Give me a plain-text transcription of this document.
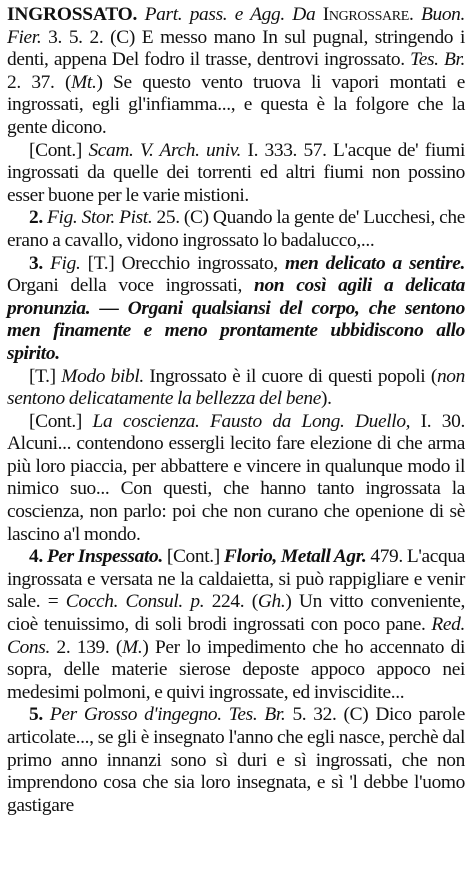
INGROSSATO. Part. pass. e Agg. Da Ingrossare. Buon. Fier. 3. 5. 2. (C) E messo mano In sul pugnal, stringendo i denti, appena Del fodro il trasse, dentrovi ingrossato. Tes. Br. 2. 37. (Mt.) Se questo vento truova li vapori montati e ingrossati, egli gl'infiamma..., e questa è la folgore che la gente dicono.

[Cont.] Scam. V. Arch. univ. I. 333. 57. L'acque de' fiumi ingrossati da quelle dei torrenti ed altri fiumi non possino esser buone per le varie mistioni.

2. Fig. Stor. Pist. 25. (C) Quando la gente de' Lucchesi, che erano a cavallo, vidono ingrossato lo badalucco,...

3. Fig. [T.] Orecchio ingrossato, men delicato a sentire. Organi della voce ingrossati, non così agili a delicata pronunzia. — Organi qualsiansi del corpo, che sentono men finamente e meno prontamente ubbidiscono allo spirito.

[T.] Modo bibl. Ingrossato è il cuore di questi popoli (non sentono delicatamente la bellezza del bene).

[Cont.] La coscienza. Fausto da Long. Duello, I. 30. Alcuni... contendono essergli lecito fare elezione di che arma più loro piaccia, per abbattere e vincere in qualunque modo il nimico suo... Con questi, che hanno tanto ingrossata la coscienza, non parlo: poi che non curano che openione di sè lascino a'l mondo.

4. Per Inspessato. [Cont.] Florio, Metall Agr. 479. L'acqua ingrossata e versata ne la caldaietta, si può rappigliare e venir sale. = Cocch. Consul. p. 224. (Gh.) Un vitto conveniente, cioè tenuissimo, di soli brodi ingrossati con poco pane. Red. Cons. 2. 139. (M.) Per lo impedimento che ho accennato di sopra, delle materie sierose deposte appoco appoco nei medesimi polmoni, e quivi ingrossate, ed inviscidite...

5. Per Grosso d'ingegno. Tes. Br. 5. 32. (C) Dico parole articolate..., se gli è insegnato l'anno che egli nasce, perchè dal primo anno innanzi sono sì duri e sì ingrossati, che non imprendono cosa che sia loro insegnata, e sì 'l debbe l'uomo gastigare
